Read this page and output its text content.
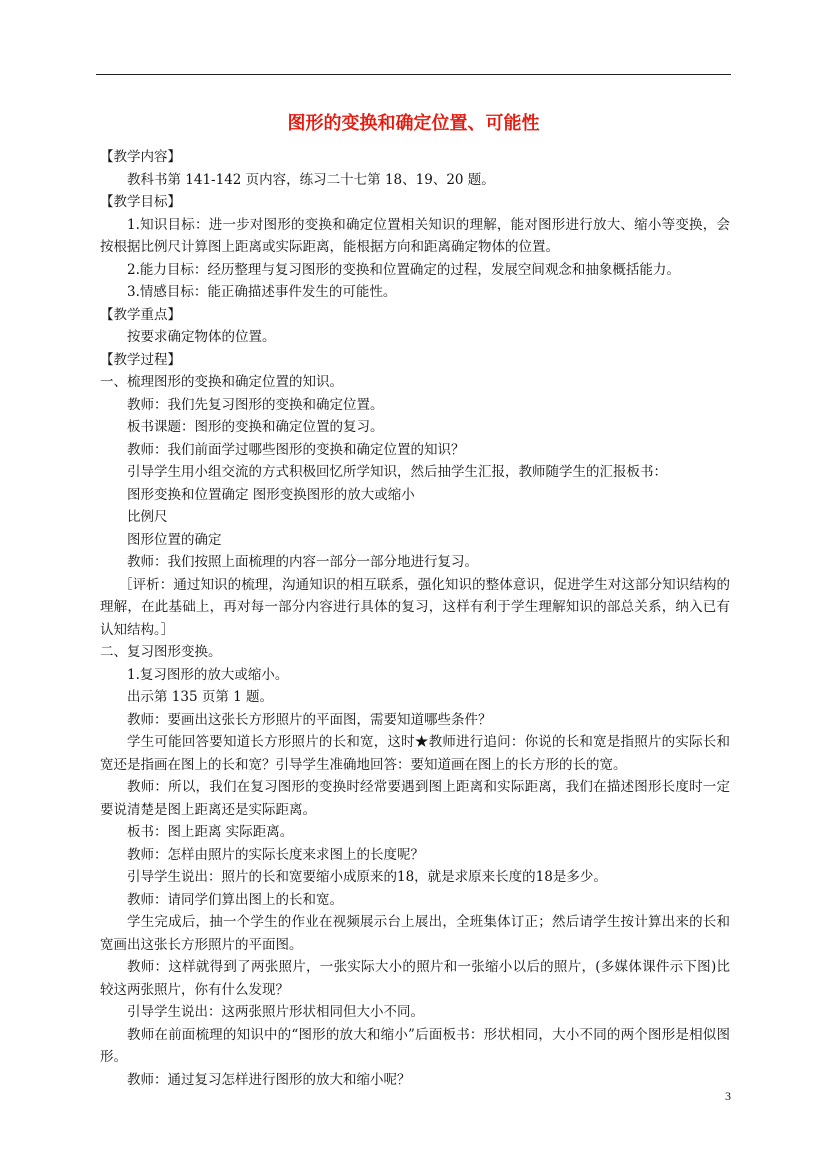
图形的变换和确定位置、可能性

【教学内容】

教科书第 141-142 页内容，练习二十七第 18、19、20 题。

【教学目标】

1.知识目标：进一步对图形的变换和确定位置相关知识的理解，能对图形进行放大、缩小等变换，会按根据比例尺计算图上距离或实际距离，能根据方向和距离确定物体的位置。

2.能力目标：经历整理与复习图形的变换和位置确定的过程，发展空间观念和抽象概括能力。

3.情感目标：能正确描述事件发生的可能性。

【教学重点】

按要求确定物体的位置。

【教学过程】

一、梳理图形的变换和确定位置的知识。

教师：我们先复习图形的变换和确定位置。

板书课题：图形的变换和确定位置的复习。

教师：我们前面学过哪些图形的变换和确定位置的知识？

引导学生用小组交流的方式积极回忆所学知识，然后抽学生汇报，教师随学生的汇报板书：

图形变换和位置确定 图形变换图形的放大或缩小

比例尺

图形位置的确定

教师：我们按照上面梳理的内容一部分一部分地进行复习。

［评析：通过知识的梳理，沟通知识的相互联系，强化知识的整体意识，促进学生对这部分知识结构的理解，在此基础上，再对每一部分内容进行具体的复习，这样有利于学生理解知识的部总关系，纳入已有认知结构。］

二、复习图形变换。

1.复习图形的放大或缩小。

出示第 135 页第 1 题。

教师：要画出这张长方形照片的平面图，需要知道哪些条件？

学生可能回答要知道长方形照片的长和宽，这时★教师进行追问：你说的长和宽是指照片的实际长和宽还是指画在图上的长和宽？引导学生准确地回答：要知道画在图上的长方形的长的宽。

教师：所以，我们在复习图形的变换时经常要遇到图上距离和实际距离，我们在描述图形长度时一定要说清楚是图上距离还是实际距离。

板书：图上距离 实际距离。

教师：怎样由照片的实际长度来求图上的长度呢？

引导学生说出：照片的长和宽要缩小成原来的18，就是求原来长度的18是多少。

教师：请同学们算出图上的长和宽。

学生完成后，抽一个学生的作业在视频展示台上展出，全班集体订正；然后请学生按计算出来的长和宽画出这张长方形照片的平面图。

教师：这样就得到了两张照片，一张实际大小的照片和一张缩小以后的照片，(多媒体课件示下图)比较这两张照片，你有什么发现？

引导学生说出：这两张照片形状相同但大小不同。

教师在前面梳理的知识中的“图形的放大和缩小”后面板书：形状相同，大小不同的两个图形是相似图形。

教师：通过复习怎样进行图形的放大和缩小呢？

3
